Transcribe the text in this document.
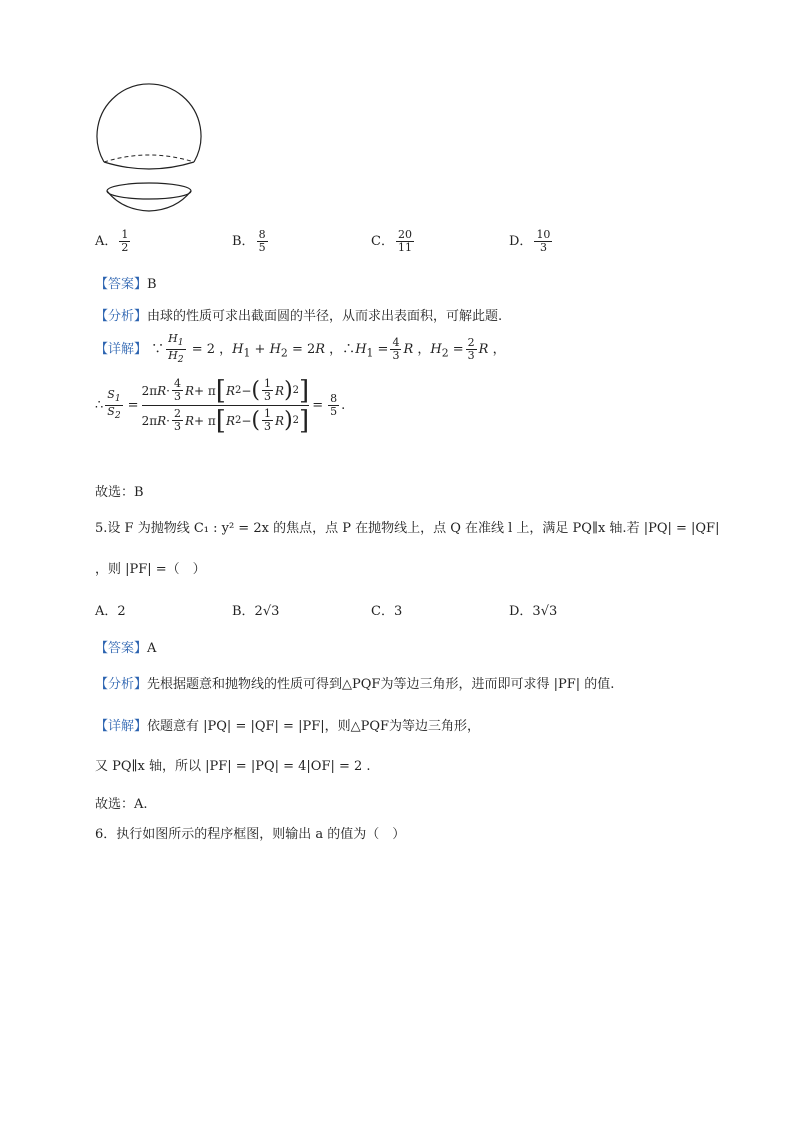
A． $\frac{1}{2}$	B． $\frac{8}{5}$	C． $\frac{20}{11}$	D． $\frac{10}{3}$
【答案】B
【分析】由球的性质可求出截面圆的半径，从而求出表面积，可解此题.
【详解】 ∵ $\frac{H_1}{H_2} = 2$ ，$H_1 + H_2 = 2R$ ，$\therefore H_1 = \frac{4}{3}$ R ，$H_2 = \frac{2}{3}$ R ，
∴ $\frac{S_1}{S_2}$ =
2π $R \cdot \frac{4}{3}$ R + π [ R 2 − ( $\frac{1}{3}$ R ) 2 ]
2π $R \cdot \frac{2}{3}$ R + π [ R 2 − ( $\frac{1}{3}$ R ) 2 ] = $\frac{8}{5}$ .
故选：B
5.设 F 为抛物线 C₁ : y² = 2x 的焦点，点 P 在抛物线上，点 Q 在准线 l 上，满足 PQ∥x 轴.若 |PQ| = |QF|
，则 |PF| =（　）
A．2	B．2√3	C．3	D．3√3
【答案】A
【分析】先根据题意和抛物线的性质可得到△PQF为等边三角形，进而即可求得 |PF| 的值.
【详解】依题意有 |PQ| = |QF| = |PF|，则△PQF为等边三角形，
又 PQ∥x 轴，所以 |PF| = |PQ| = 4|OF| = 2 .
故选：A.
6．执行如图所示的程序框图，则输出 a 的值为（　）
